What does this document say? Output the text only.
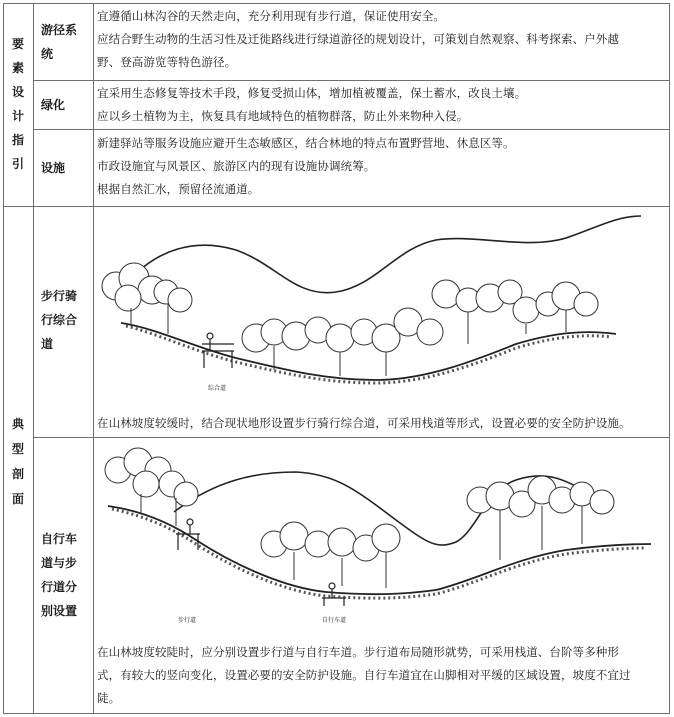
要
素
设
计
指
引
典
型
剖
面
游径系
统
宜遵循山林沟谷的天然走向，充分利用现有步行道，保证使用安全。
应结合野生动物的生活习性及迁徙路线进行绿道游径的规划设计，可策划自然观察、科考探索、户外越
野、登高游览等特色游径。
绿化
宜采用生态修复等技术手段，修复受损山体，增加植被覆盖，保土蓄水，改良土壤。
应以乡土植物为主，恢复具有地域特色的植物群落，防止外来物种入侵。
设施
新建驿站等服务设施应避开生态敏感区，结合林地的特点布置野营地、休息区等。
市政设施宜与风景区、旅游区内的现有设施协调统筹。
根据自然汇水，预留径流通道。
步行骑
行综合
道
综合道
在山林坡度较缓时，结合现状地形设置步行骑行综合道，可采用栈道等形式，设置必要的安全防护设施。
自行车
道与步
行道分
别设置
步行道	自行车道
在山林坡度较陡时，应分别设置步行道与自行车道。步行道布局随形就势，可采用栈道、台阶等多种形
式，有较大的竖向变化，设置必要的安全防护设施。自行车道宜在山脚相对平缓的区域设置，坡度不宜过
陡。
